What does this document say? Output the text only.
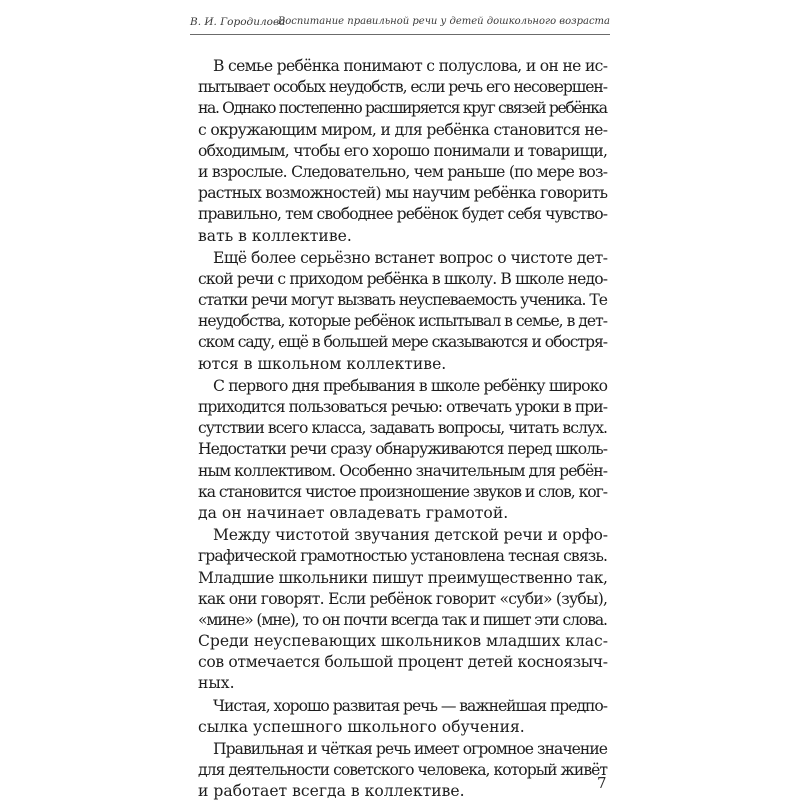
В. И. Городилова
Воспитание правильной речи у детей дошкольного возраста
В семье ребёнка понимают с полуслова, и он не ис-
пытывает особых неудобств, если речь его несовершен-
на. Однако постепенно расширяется круг связей ребёнка
с окружающим миром, и для ребёнка становится не-
обходимым, чтобы его хорошо понимали и товарищи,
и взрослые. Следовательно, чем раньше (по мере воз-
растных возможностей) мы научим ребёнка говорить
правильно, тем свободнее ребёнок будет себя чувство-
вать в коллективе.
Ещё более серьёзно встанет вопрос о чистоте дет-
ской речи с приходом ребёнка в школу. В школе недо-
статки речи могут вызвать неуспеваемость ученика. Те
неудобства, которые ребёнок испытывал в семье, в дет-
ском саду, ещё в большей мере сказываются и обостря-
ются в школьном коллективе.
С первого дня пребывания в школе ребёнку широко
приходится пользоваться речью: отвечать уроки в при-
сутствии всего класса, задавать вопросы, читать вслух.
Недостатки речи сразу обнаруживаются перед школь-
ным коллективом. Особенно значительным для ребён-
ка становится чистое произношение звуков и слов, ког-
да он начинает овладевать грамотой.
Между чистотой звучания детской речи и орфо-
графической грамотностью установлена тесная связь.
Младшие школьники пишут преимущественно так,
как они говорят. Если ребёнок говорит «суби» (зубы),
«мине» (мне), то он почти всегда так и пишет эти слова.
Среди неуспевающих школьников младших клас-
сов отмечается большой процент детей косноязыч-
ных.
Чистая, хорошо развитая речь — важнейшая предпо-
сылка успешного школьного обучения.
Правильная и чёткая речь имеет огромное значение
для деятельности советского человека, который живёт
и работает всегда в коллективе.	7
